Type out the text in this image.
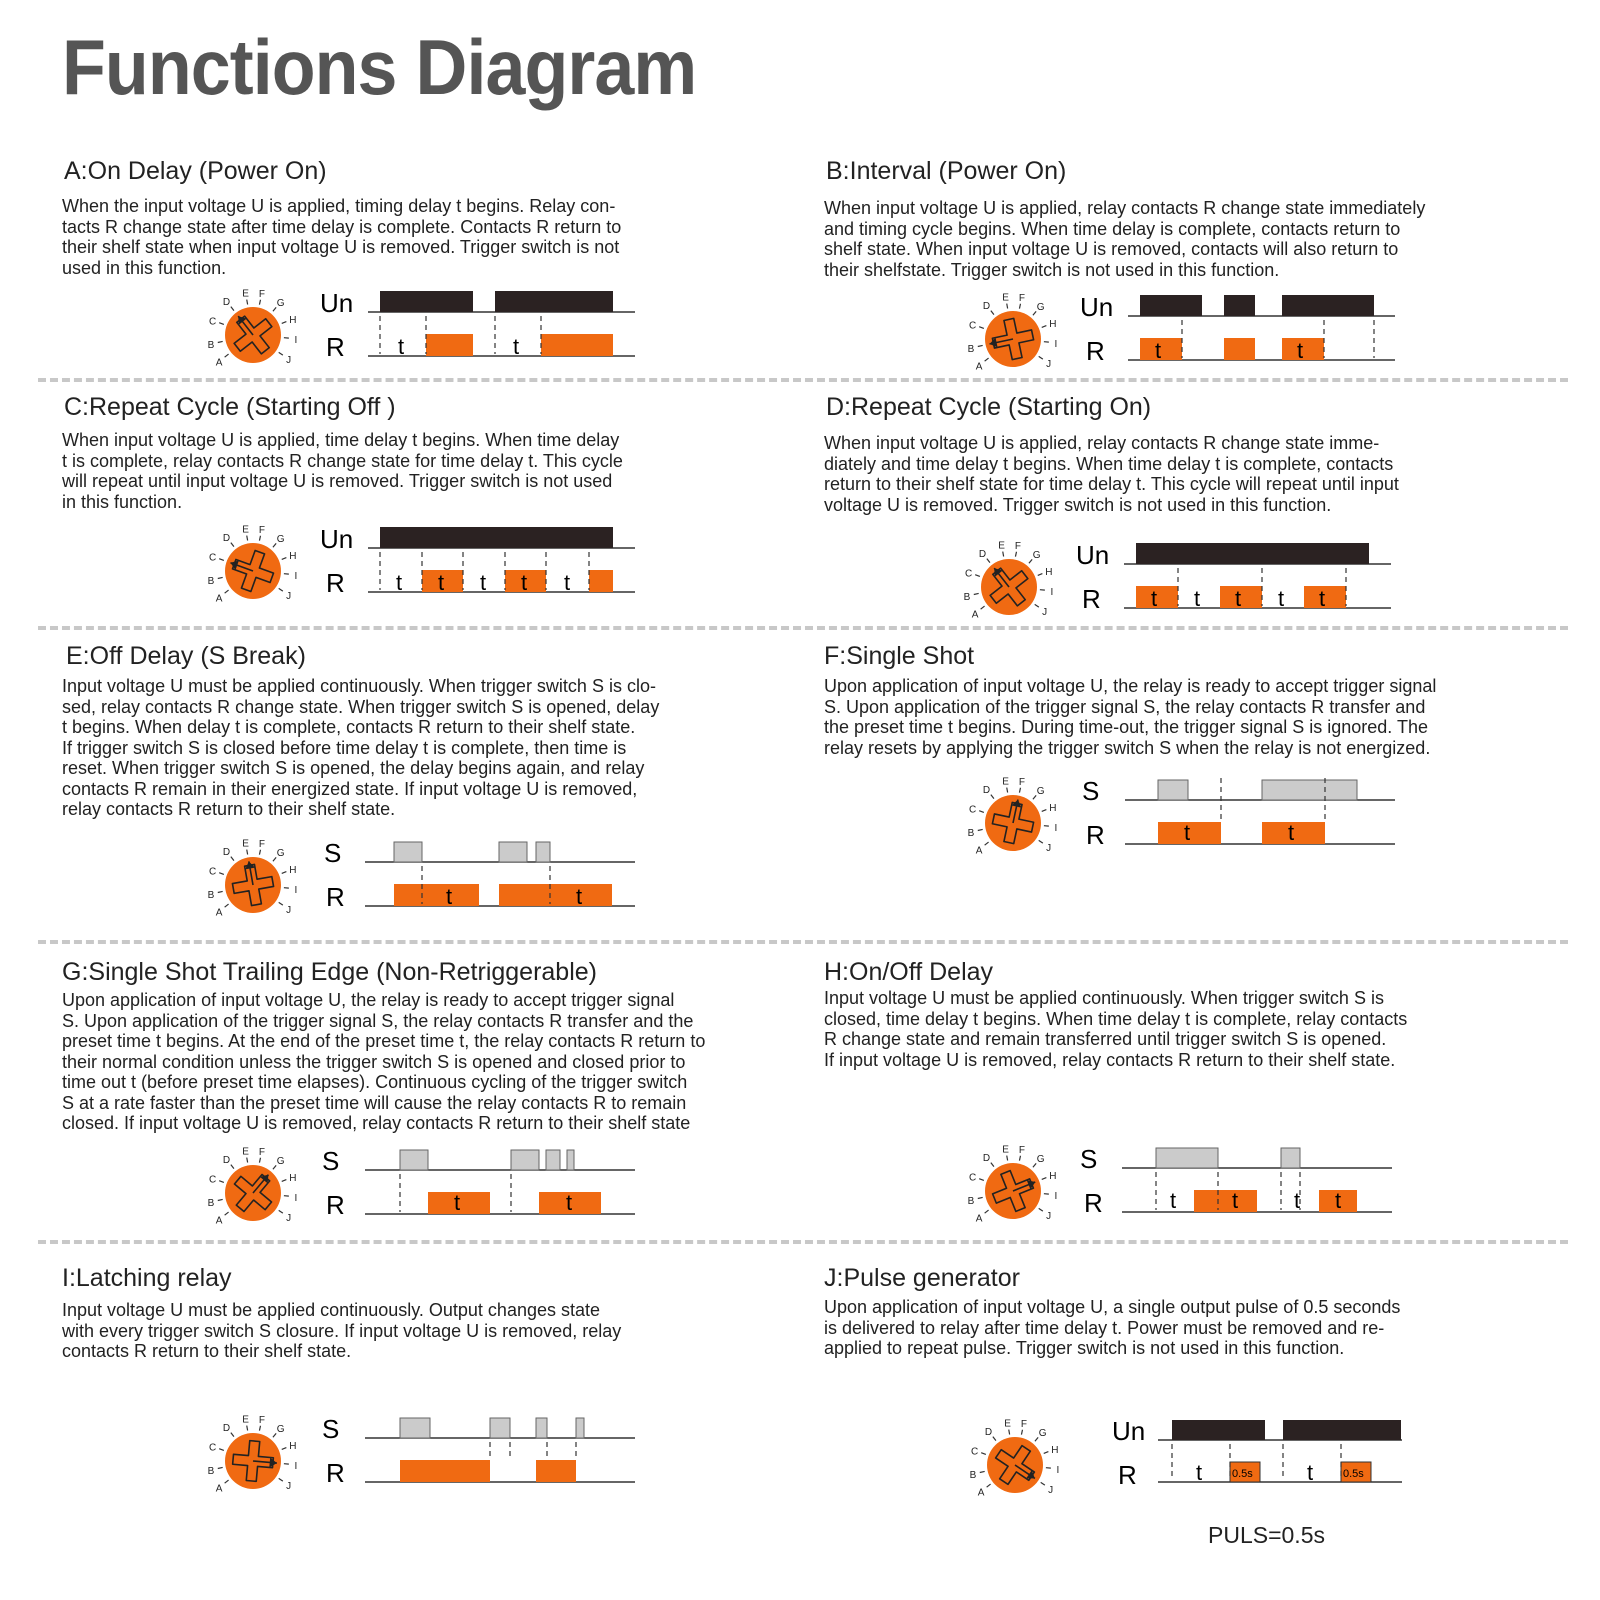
Functions Diagram
A:On Delay (Power On)
When the input voltage U is applied, timing delay t begins. Relay con-
tacts R change state after time delay is complete. Contacts R return to
their shelf state when input voltage U is removed. Trigger switch is not
used in this function.
A
B
C
D
E F
G
H
I
J
Un
R t	t
B:Interval (Power On)
When input voltage U is applied, relay contacts R change state immediately
and timing cycle begins. When time delay is complete, contacts return to
shelf state. When input voltage U is removed, contacts will also return to
their shelfstate. Trigger switch is not used in this function.
A
B
C
D
E F
G
H
I
J
Un
R t	t
C:Repeat Cycle (Starting Off )
When input voltage U is applied, time delay t begins. When time delay
t is complete, relay contacts R change state for time delay t. This cycle
will repeat until input voltage U is removed. Trigger switch is not used
in this function.
A
B
C
D
E F
G
H
I
J
Un
R t t t t t
D:Repeat Cycle (Starting On)
When input voltage U is applied, relay contacts R change state imme-
diately and time delay t begins. When time delay t is complete, contacts
return to their shelf state for time delay t. This cycle will repeat until input
voltage U is removed. Trigger switch is not used in this function.
A
B
C
D
E F
G
H
I
J
Un
R t t t t t
E:Off Delay (S Break)
Input voltage U must be applied continuously. When trigger switch S is clo-
sed, relay contacts R change state. When trigger switch S is opened, delay
t begins. When delay t is complete, contacts R return to their shelf state.
If trigger switch S is closed before time delay t is complete, then time is
reset. When trigger switch S is opened, the delay begins again, and relay
contacts R remain in their energized state. If input voltage U is removed,
relay contacts R return to their shelf state.
A
B
C
D
E F
G
H
I
J
S
R	t	t
F:Single Shot
Upon application of input voltage U, the relay is ready to accept trigger signal
S. Upon application of the trigger signal S, the relay contacts R transfer and
the preset time t begins. During time-out, the trigger signal S is ignored. The
relay resets by applying the trigger switch S when the relay is not energized.
A
B
C
D
E F
G
H
I
J
S
R	t	t
G:Single Shot Trailing Edge (Non-Retriggerable)
Upon application of input voltage U, the relay is ready to accept trigger signal
S. Upon application of the trigger signal S, the relay contacts R transfer and the
preset time t begins. At the end of the preset time t, the relay contacts R return to
their normal condition unless the trigger switch S is opened and closed prior to
time out t (before preset time elapses). Continuous cycling of the trigger switch
S at a rate faster than the preset time will cause the relay contacts R to remain
closed. If input voltage U is removed, relay contacts R return to their shelf state
A
B
C
D
E F
G
H
I
J
S
R	t	t
H:On/Off Delay
Input voltage U must be applied continuously. When trigger switch S is
closed, time delay t begins. When time delay t is complete, relay contacts
R change state and remain transferred until trigger switch S is opened.
If input voltage U is removed, relay contacts R return to their shelf state.
A
B
C
D
E F
G
H
I
J
S
R	t	t	t t
I:Latching relay
Input voltage U must be applied continuously. Output changes state
with every trigger switch S closure. If input voltage U is removed, relay
contacts R return to their shelf state.
A
B
C
D
E F
G
H
I
J
S
R
J:Pulse generator
Upon application of input voltage U, a single output pulse of 0.5 seconds
is delivered to relay after time delay t. Power must be removed and re-
applied to repeat pulse. Trigger switch is not used in this function.
A
B
C
D
E F
G
H
I
J
Un
R	t	t
0.5s	0.5s
PULS=0.5s
